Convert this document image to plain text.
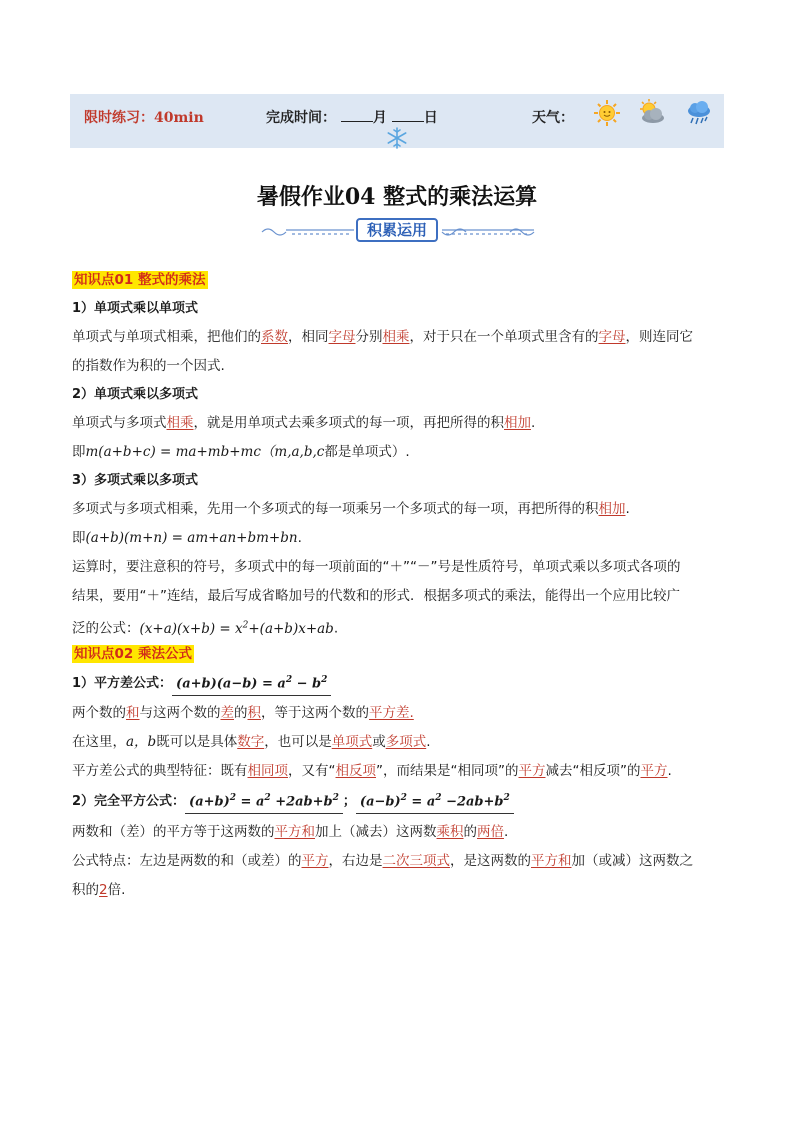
限时练习：40min	完成时间：	月	日	天气：
暑假作业04 整式的乘法运算
积累运用
知识点01 整式的乘法
1）单项式乘以单项式
单项式与单项式相乘，把他们的系数，相同字母分别相乘，对于只在一个单项式里含有的字母，则连同它
的指数作为积的一个因式.
2）单项式乘以多项式
单项式与多项式相乘，就是用单项式去乘多项式的每一项，再把所得的积相加.
即m(a+b+c) = ma+mb+mc（m,a,b,c都是单项式）.
3）多项式乘以多项式
多项式与多项式相乘，先用一个多项式的每一项乘另一个多项式的每一项，再把所得的积相加.
即(a+b)(m+n) = am+an+bm+bn.
运算时，要注意积的符号，多项式中的每一项前面的“＋”“－”号是性质符号，单项式乘以多项式各项的
结果，要用“＋”连结，最后写成省略加号的代数和的形式．根据多项式的乘法，能得出一个应用比较广
泛的公式：$(x+a)(x+b) = x^2+(a+b)x+ab$.
知识点02 乘法公式
1）平方差公式： $(a+b)(a-b) = a^2 - b^2$
两个数的和与这两个数的差的积，等于这两个数的平方差.
在这里，a，b既可以是具体数字，也可以是单项式或多项式.
平方差公式的典型特征：既有相同项，又有“相反项”，而结果是“相同项”的平方减去“相反项”的平方.
2）完全平方公式： $(a+b)^2 = a^2 +2ab+b^2$ ； $(a-b)^2 = a^2 -2ab+b^2$
两数和（差）的平方等于这两数的平方和加上（减去）这两数乘积的两倍.
公式特点：左边是两数的和（或差）的平方，右边是二次三项式，是这两数的平方和加（或减）这两数之
积的2倍.
